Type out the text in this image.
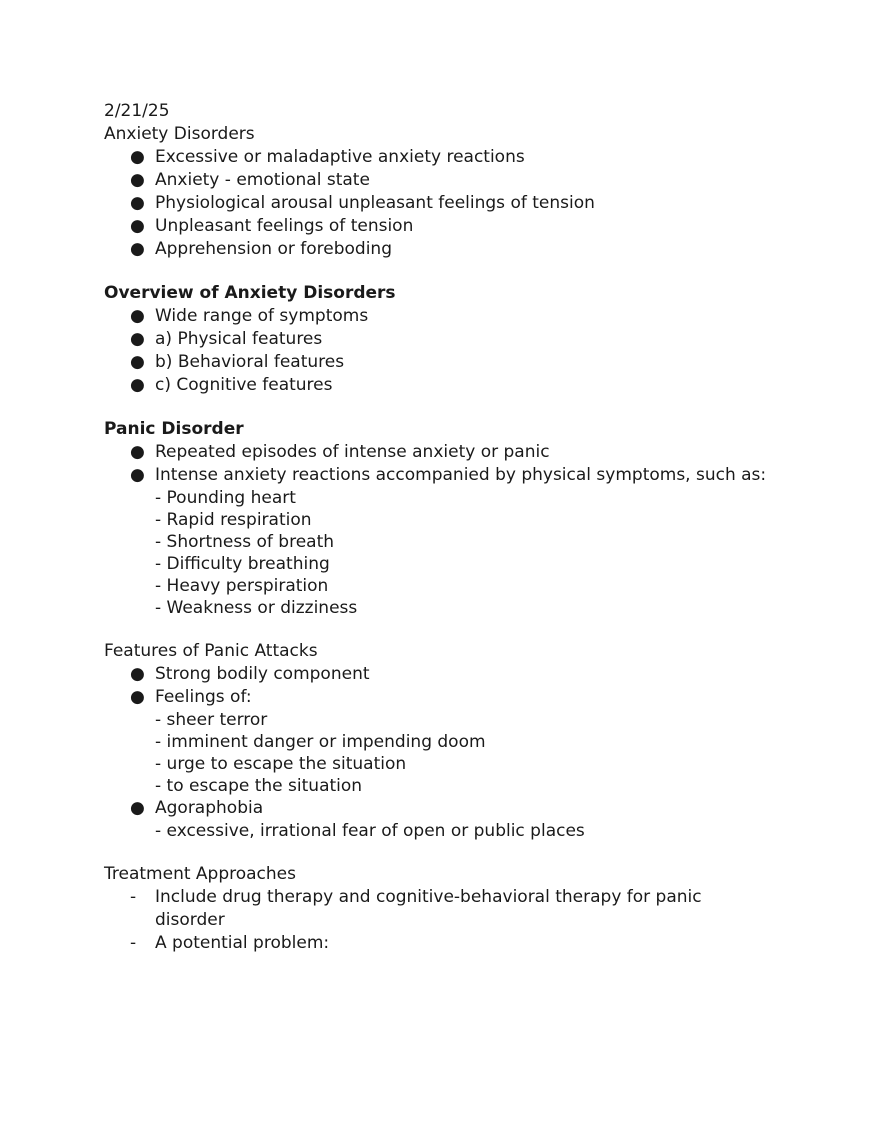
2/21/25
Anxiety Disorders
● Excessive or maladaptive anxiety reactions
● Anxiety - emotional state
● Physiological arousal unpleasant feelings of tension
● Unpleasant feelings of tension
● Apprehension or foreboding
Overview of Anxiety Disorders
● Wide range of symptoms
● a) Physical features
● b) Behavioral features
● c) Cognitive features
Panic Disorder
● Repeated episodes of intense anxiety or panic
● Intense anxiety reactions accompanied by physical symptoms, such as:
- Pounding heart
- Rapid respiration
- Shortness of breath
- Difficulty breathing
- Heavy perspiration
- Weakness or dizziness
Features of Panic Attacks
● Strong bodily component
● Feelings of:
- sheer terror
- imminent danger or impending doom
- urge to escape the situation
- to escape the situation
● Agoraphobia
- excessive, irrational fear of open or public places
Treatment Approaches
-	Include drug therapy and cognitive-behavioral therapy for panic disorder
-	A potential problem:
